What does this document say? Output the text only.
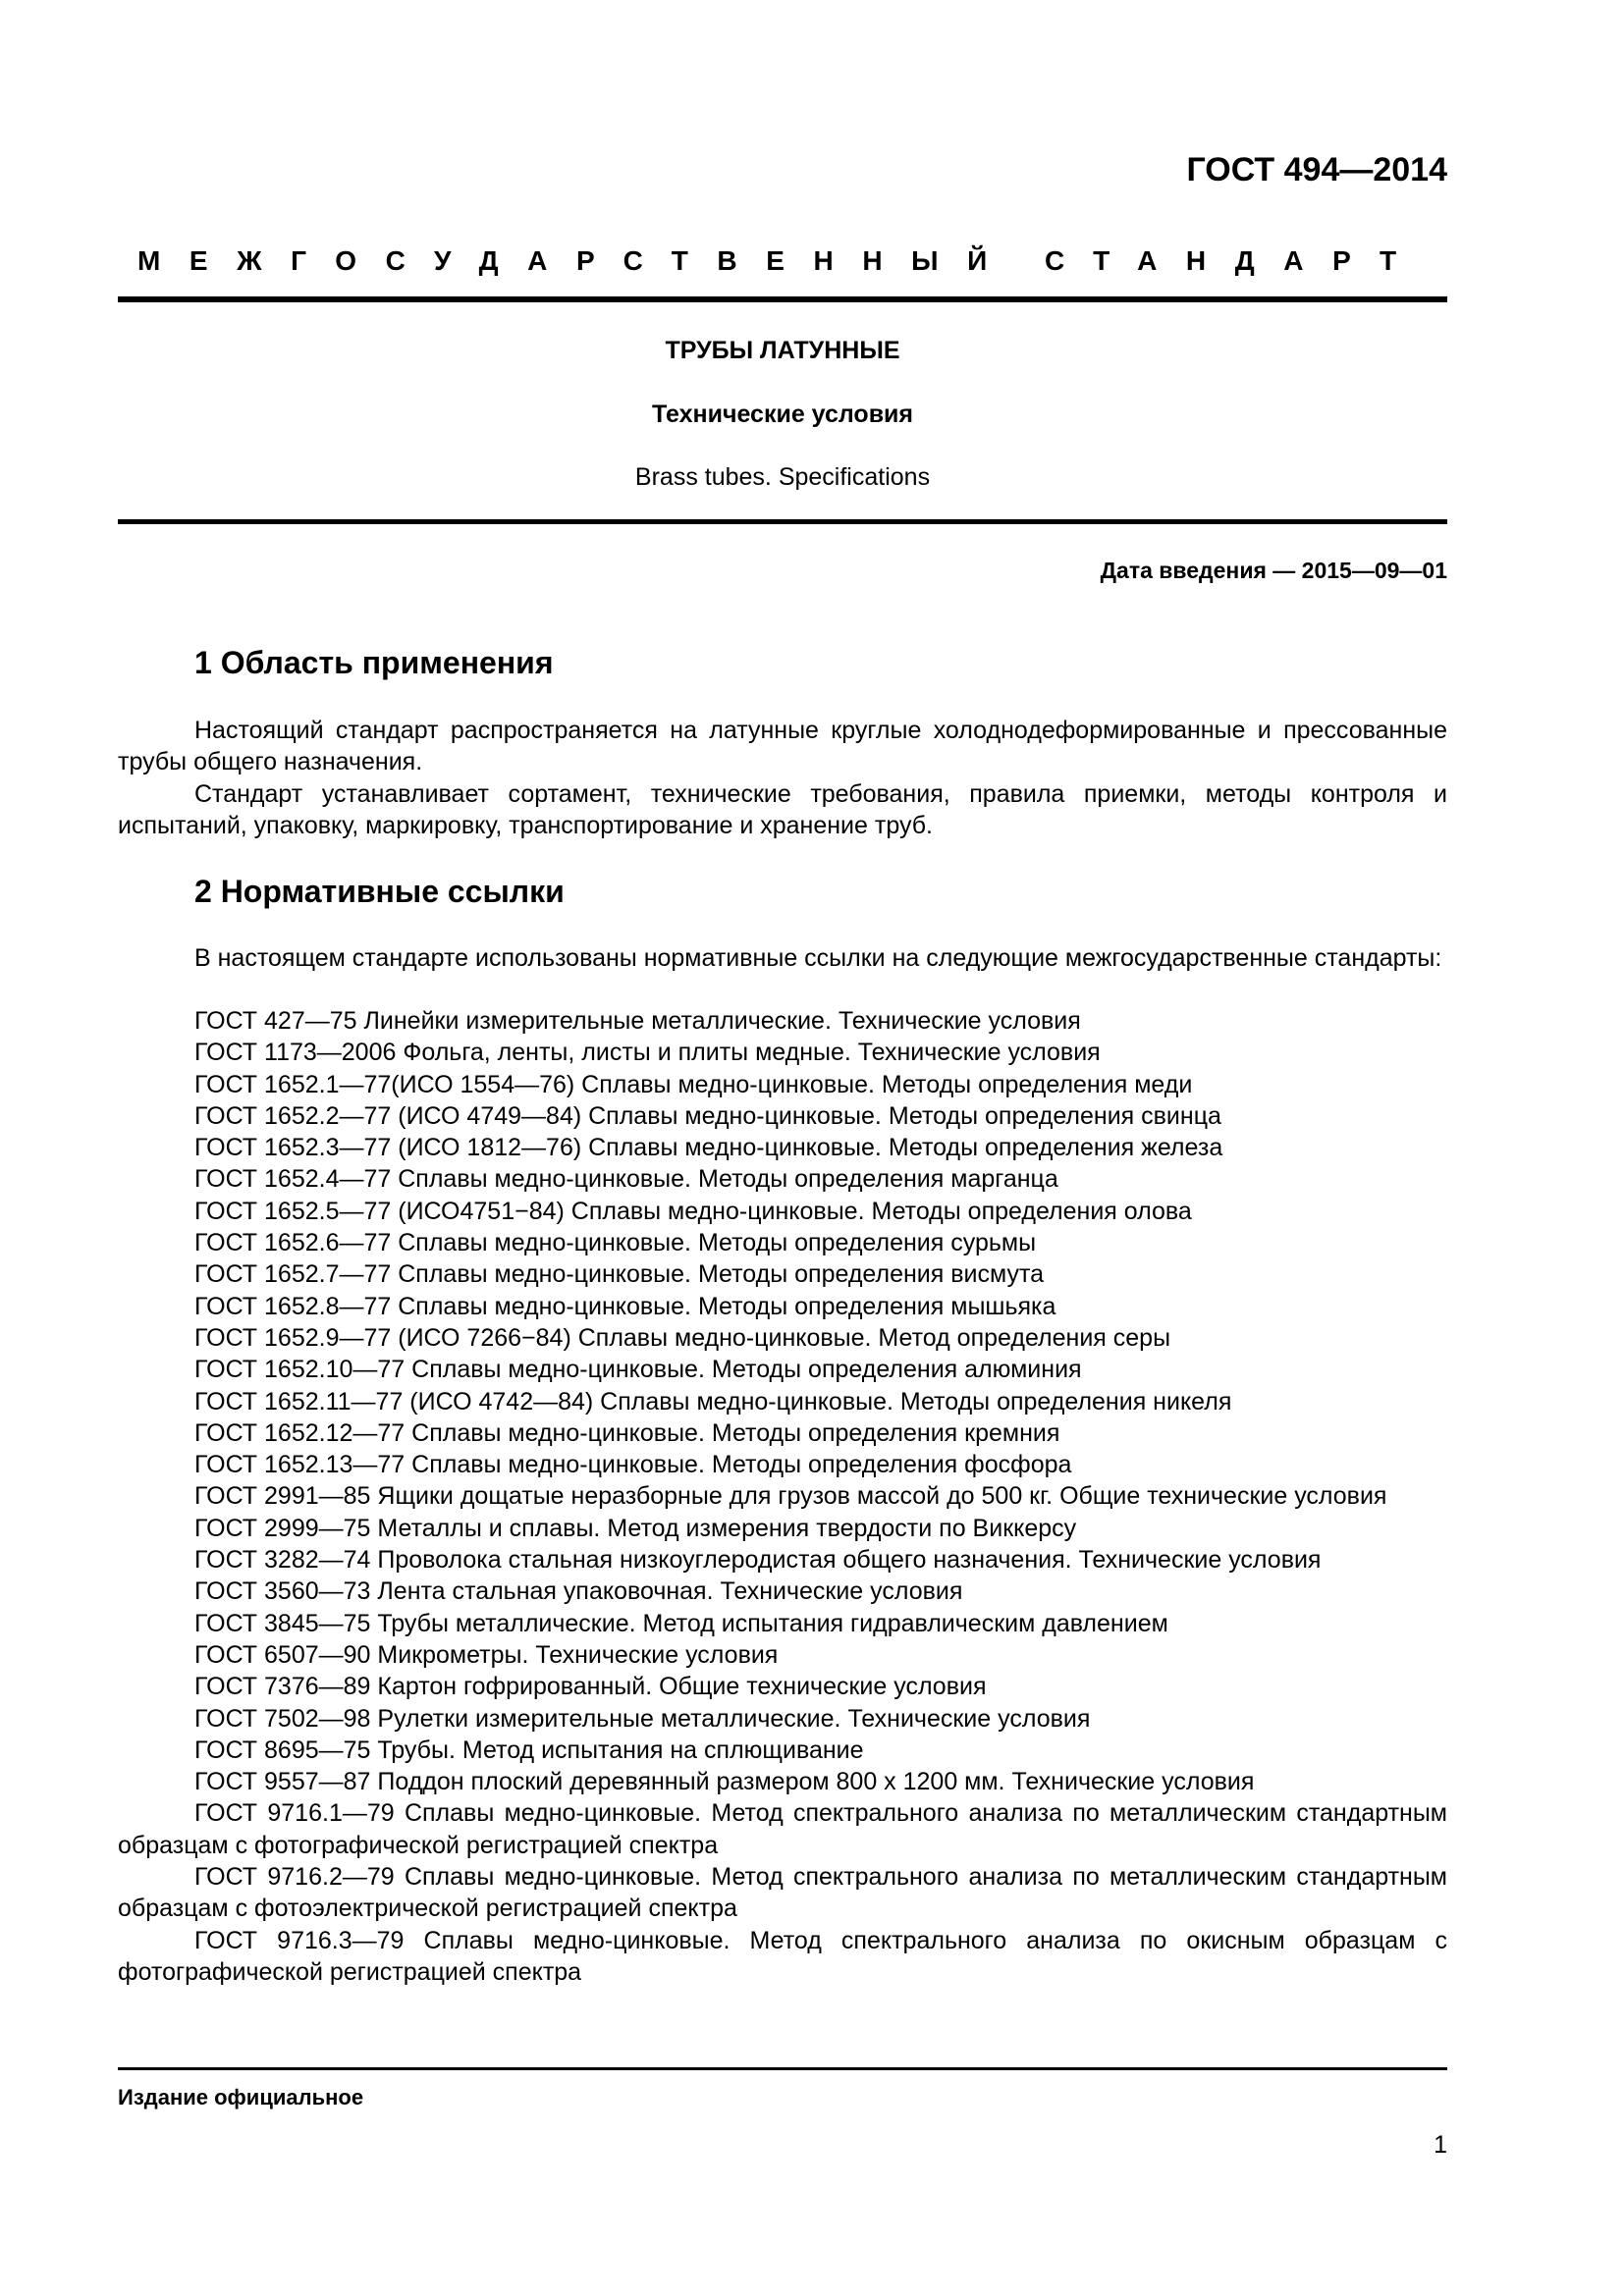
ГОСТ 494—2014
МЕЖГОСУДАРСТВЕННЫЙ СТАНДАРТ
ТРУБЫ ЛАТУННЫЕ
Технические условия
Brass tubes. Specifications
Дата введения — 2015—09—01
1 Область применения

Настоящий стандарт распространяется на латунные круглые холоднодеформированные и прессованные трубы общего назначения.

Стандарт устанавливает сортамент, технические требования, правила приемки, методы контроля и испытаний, упаковку, маркировку, транспортирование и хранение труб.

2 Нормативные ссылки

В настоящем стандарте использованы нормативные ссылки на следующие межгосударственные стандарты:

ГОСТ 427—75 Линейки измерительные металлические. Технические условия

ГОСТ 1173—2006 Фольга, ленты, листы и плиты медные. Технические условия

ГОСТ 1652.1—77(ИСО 1554—76) Сплавы медно-цинковые. Методы определения меди

ГОСТ 1652.2—77 (ИСО 4749—84) Сплавы медно-цинковые. Методы определения свинца

ГОСТ 1652.3—77 (ИСО 1812—76) Сплавы медно-цинковые. Методы определения железа

ГОСТ 1652.4—77 Сплавы медно-цинковые. Методы определения марганца

ГОСТ 1652.5—77 (ИСО4751−84) Сплавы медно-цинковые. Методы определения олова

ГОСТ 1652.6—77 Сплавы медно-цинковые. Методы определения сурьмы

ГОСТ 1652.7—77 Сплавы медно-цинковые. Методы определения висмута

ГОСТ 1652.8—77 Сплавы медно-цинковые. Методы определения мышьяка

ГОСТ 1652.9—77 (ИСО 7266−84) Сплавы медно-цинковые. Метод определения серы

ГОСТ 1652.10—77 Сплавы медно-цинковые. Методы определения алюминия

ГОСТ 1652.11—77 (ИСО 4742—84) Сплавы медно-цинковые. Методы определения никеля

ГОСТ 1652.12—77 Сплавы медно-цинковые. Методы определения кремния

ГОСТ 1652.13—77 Сплавы медно-цинковые. Методы определения фосфора

ГОСТ 2991—85 Ящики дощатые неразборные для грузов массой до 500 кг. Общие технические условия

ГОСТ 2999—75 Металлы и сплавы. Метод измерения твердости по Виккерсу

ГОСТ 3282—74 Проволока стальная низкоуглеродистая общего назначения. Технические условия

ГОСТ 3560—73 Лента стальная упаковочная. Технические условия

ГОСТ 3845—75 Трубы металлические. Метод испытания гидравлическим давлением

ГОСТ 6507—90 Микрометры. Технические условия

ГОСТ 7376—89 Картон гофрированный. Общие технические условия

ГОСТ 7502—98 Рулетки измерительные металлические. Технические условия

ГОСТ 8695—75 Трубы. Метод испытания на сплющивание

ГОСТ 9557—87 Поддон плоский деревянный размером 800 х 1200 мм. Технические условия

ГОСТ 9716.1—79 Сплавы медно-цинковые. Метод спектрального анализа по металлическим стандартным образцам с фотографической регистрацией спектра

ГОСТ 9716.2—79 Сплавы медно-цинковые. Метод спектрального анализа по металлическим стандартным образцам с фотоэлектрической регистрацией спектра

ГОСТ 9716.3—79 Сплавы медно-цинковые. Метод спектрального анализа по окисным образцам с фотографической регистрацией спектра

Издание официальное
1
